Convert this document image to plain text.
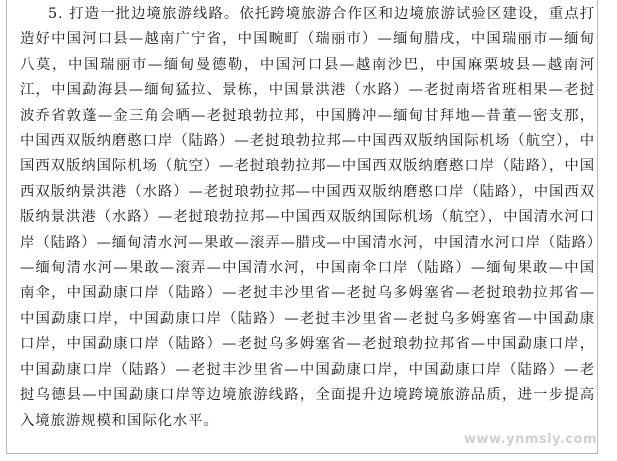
5. 打造一批边境旅游线路。依托跨境旅游合作区和边境旅游试验区建设，重点打造好中国河口县—越南广宁省，中国畹町（瑞丽市）—缅甸腊戌，中国瑞丽市—缅甸八莫，中国瑞丽市—缅甸曼德勒，中国河口县—越南沙巴，中国麻栗坡县—越南河江，中国勐海县—缅甸猛拉、景栋，中国景洪港（水路）—老挝南塔省班相果—老挝波乔省敦蓬—金三角会晒—老挝琅勃拉邦，中国腾冲—缅甸甘拜地—昔董—密支那，中国西双版纳磨憨口岸（陆路）—老挝琅勃拉邦—中国西双版纳国际机场（航空），中国西双版纳国际机场（航空）—老挝琅勃拉邦—中国西双版纳磨憨口岸（陆路），中国西双版纳景洪港（水路）—老挝琅勃拉邦—中国西双版纳磨憨口岸（陆路），中国西双版纳景洪港（水路）—老挝琅勃拉邦—中国西双版纳国际机场（航空），中国清水河口岸（陆路）—缅甸清水河—果敢—滚弄—腊戌—中国清水河，中国清水河口岸（陆路）—缅甸清水河—果敢—滚弄—中国清水河，中国南伞口岸（陆路）—缅甸果敢—中国南伞，中国勐康口岸（陆路）—老挝丰沙里省—老挝乌多姆塞省—老挝琅勃拉邦省—中国勐康口岸，中国勐康口岸（陆路）—老挝丰沙里省—老挝乌多姆塞省—中国勐康口岸，中国勐康口岸（陆路）—老挝乌多姆塞省—老挝琅勃拉邦省—中国勐康口岸，中国勐康口岸（陆路）—老挝丰沙里省—中国勐康口岸，中国勐康口岸（陆路）—老挝乌德县—中国勐康口岸等边境旅游线路，全面提升边境跨境旅游品质，进一步提高入境旅游规模和国际化水平。

www.ynmsly.com
